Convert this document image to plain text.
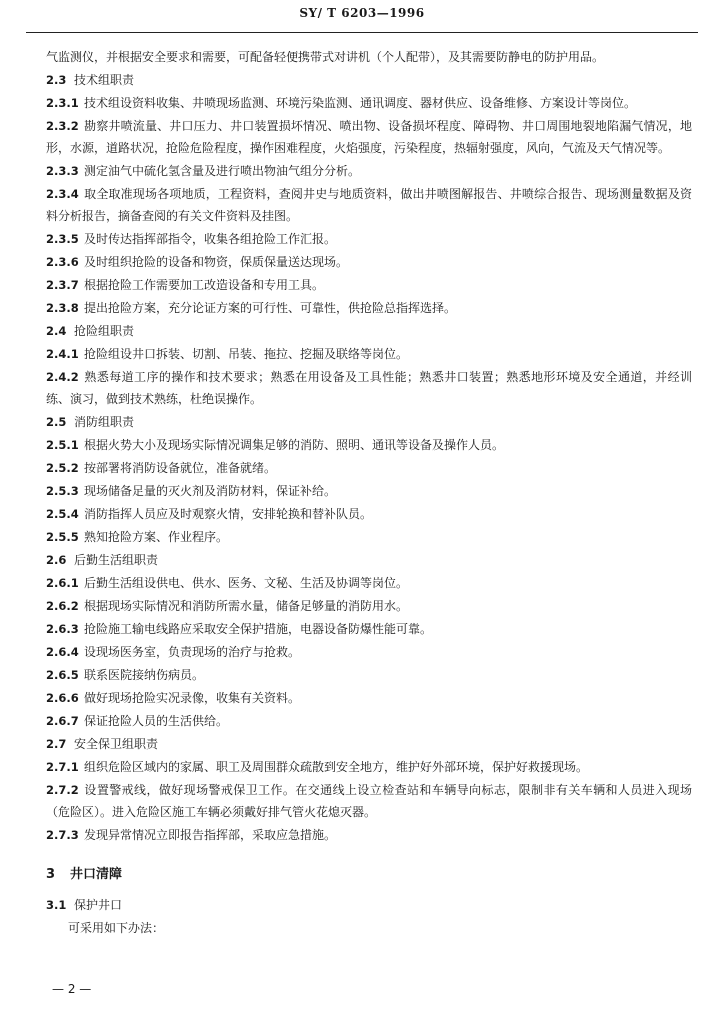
SY/ T 6203—1996

气监测仪，并根据安全要求和需要，可配备轻便携带式对讲机（个人配带），及其需要防静电的防护用品。

2.3 技术组职责

2.3.1 技术组设资料收集、井喷现场监测、环境污染监测、通讯调度、器材供应、设备维修、方案设计等岗位。

2.3.2 勘察井喷流量、井口压力、井口装置损坏情况、喷出物、设备损坏程度、障碍物、井口周围地裂地陷漏气情况，地形，水源，道路状况，抢险危险程度，操作困难程度，火焰强度，污染程度，热辐射强度，风向，气流及天气情况等。

2.3.3 测定油气中硫化氢含量及进行喷出物油气组分分析。

2.3.4 取全取准现场各项地质，工程资料，查阅井史与地质资料，做出井喷图解报告、井喷综合报告、现场测量数据及资料分析报告，摘备查阅的有关文件资料及挂图。

2.3.5 及时传达指挥部指令，收集各组抢险工作汇报。

2.3.6 及时组织抢险的设备和物资，保质保量送达现场。

2.3.7 根据抢险工作需要加工改造设备和专用工具。

2.3.8 提出抢险方案，充分论证方案的可行性、可靠性，供抢险总指挥选择。

2.4 抢险组职责

2.4.1 抢险组设井口拆装、切割、吊装、拖拉、挖掘及联络等岗位。

2.4.2 熟悉每道工序的操作和技术要求；熟悉在用设备及工具性能；熟悉井口装置；熟悉地形环境及安全通道，并经训练、演习，做到技术熟练，杜绝误操作。

2.5 消防组职责

2.5.1 根据火势大小及现场实际情况调集足够的消防、照明、通讯等设备及操作人员。

2.5.2 按部署将消防设备就位，准备就绪。

2.5.3 现场储备足量的灭火剂及消防材料，保证补给。

2.5.4 消防指挥人员应及时观察火情，安排轮换和替补队员。

2.5.5 熟知抢险方案、作业程序。

2.6 后勤生活组职责

2.6.1 后勤生活组设供电、供水、医务、文秘、生活及协调等岗位。

2.6.2 根据现场实际情况和消防所需水量，储备足够量的消防用水。

2.6.3 抢险施工输电线路应采取安全保护措施，电器设备防爆性能可靠。

2.6.4 设现场医务室，负责现场的治疗与抢救。

2.6.5 联系医院接纳伤病员。

2.6.6 做好现场抢险实况录像，收集有关资料。

2.6.7 保证抢险人员的生活供给。

2.7 安全保卫组职责

2.7.1 组织危险区域内的家属、职工及周围群众疏散到安全地方，维护好外部环境，保护好救援现场。

2.7.2 设置警戒线，做好现场警戒保卫工作。在交通线上设立检查站和车辆导向标志，限制非有关车辆和人员进入现场（危险区）。进入危险区施工车辆必须戴好排气管火花熄灭器。

2.7.3 发现异常情况立即报告指挥部，采取应急措施。

3 井口清障

3.1 保护井口

可采用如下办法：

— 2 —
